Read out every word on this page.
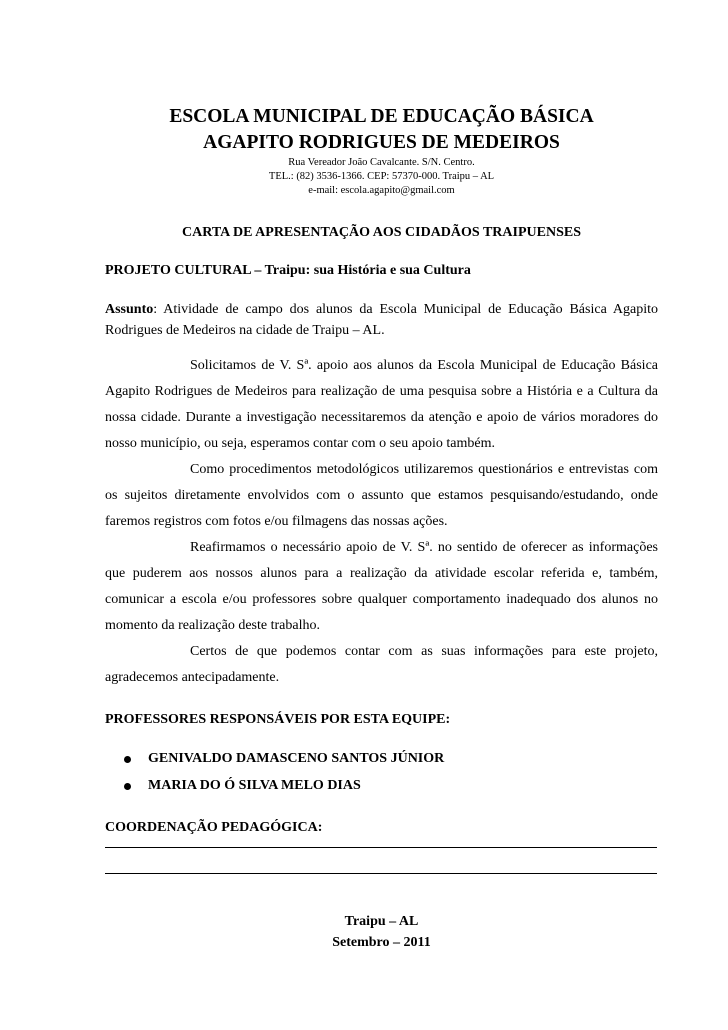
ESCOLA MUNICIPAL DE EDUCAÇÃO BÁSICA
AGAPITO RODRIGUES DE MEDEIROS
Rua Vereador João Cavalcante. S/N. Centro.
TEL.: (82) 3536-1366. CEP: 57370-000. Traipu – AL
e-mail: escola.agapito@gmail.com
CARTA DE APRESENTAÇÃO AOS CIDADÃOS TRAIPUENSES
PROJETO CULTURAL – Traipu: sua História e sua Cultura
Assunto: Atividade de campo dos alunos da Escola Municipal de Educação Básica Agapito Rodrigues de Medeiros na cidade de Traipu – AL.

Solicitamos de V. Sª. apoio aos alunos da Escola Municipal de Educação Básica Agapito Rodrigues de Medeiros para realização de uma pesquisa sobre a História e a Cultura da nossa cidade. Durante a investigação necessitaremos da atenção e apoio de vários moradores do nosso município, ou seja, esperamos contar com o seu apoio também.

Como procedimentos metodológicos utilizaremos questionários e entrevistas com os sujeitos diretamente envolvidos com o assunto que estamos pesquisando/estudando, onde faremos registros com fotos e/ou filmagens das nossas ações.

Reafirmamos o necessário apoio de V. Sª. no sentido de oferecer as informações que puderem aos nossos alunos para a realização da atividade escolar referida e, também, comunicar a escola e/ou professores sobre qualquer comportamento inadequado dos alunos no momento da realização deste trabalho.

Certos de que podemos contar com as suas informações para este projeto, agradecemos antecipadamente.

PROFESSORES RESPONSÁVEIS POR ESTA EQUIPE:
GENIVALDO DAMASCENO SANTOS JÚNIOR
MARIA DO Ó SILVA MELO DIAS
COORDENAÇÃO PEDAGÓGICA:
Traipu – AL
Setembro – 2011
